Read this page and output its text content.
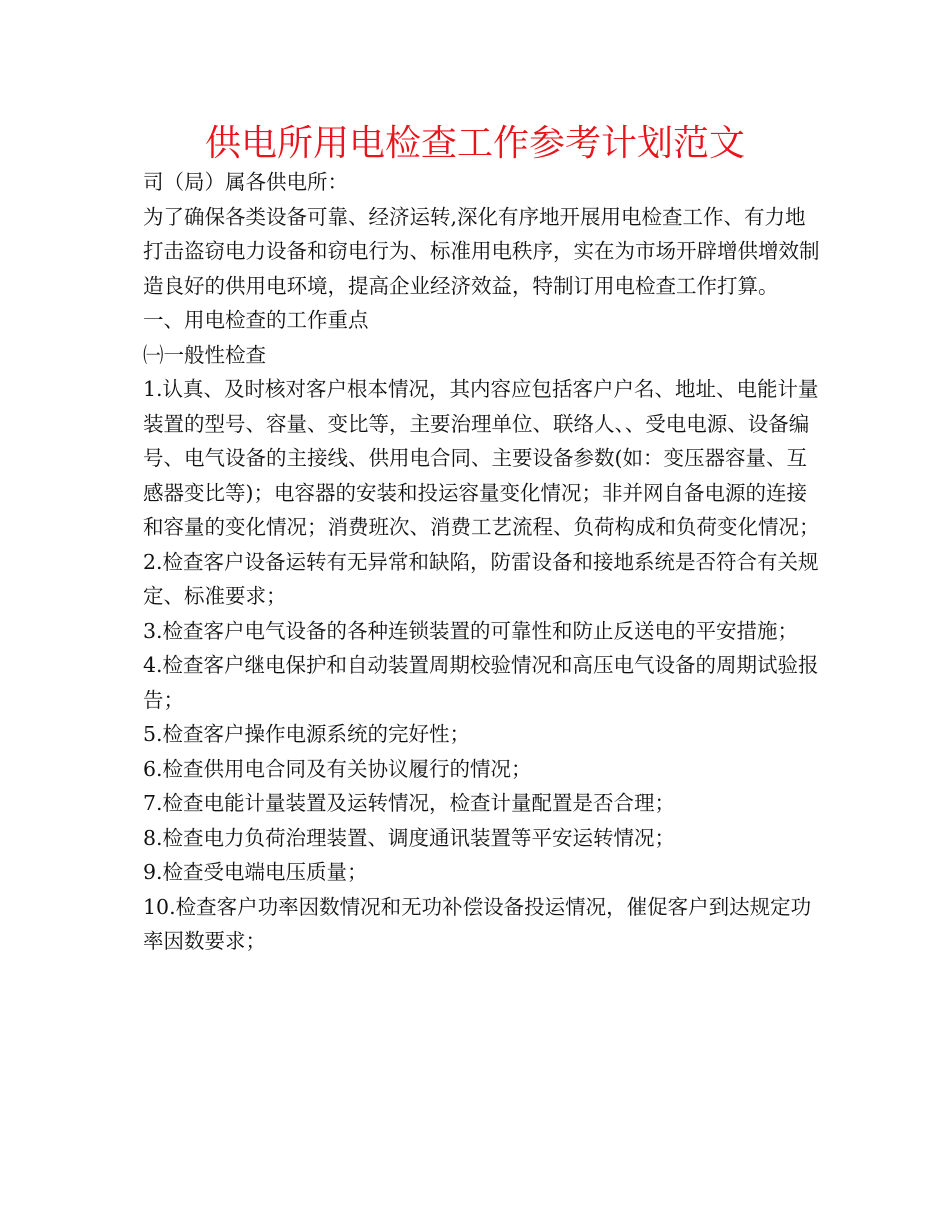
供电所用电检查工作参考计划范文

司（局）属各供电所：

为了确保各类设备可靠、经济运转,深化有序地开展用电检查工作、有力地打击盗窃电力设备和窃电行为、标准用电秩序，实在为市场开辟增供增效制造良好的供用电环境，提高企业经济效益，特制订用电检查工作打算。

一、用电检查的工作重点

㈠一般性检查

1.认真、及时核对客户根本情况，其内容应包括客户户名、地址、电能计量装置的型号、容量、变比等，主要治理单位、联络人、、受电电源、设备编号、电气设备的主接线、供用电合同、主要设备参数(如：变压器容量、互感器变比等)；电容器的安装和投运容量变化情况；非并网自备电源的连接和容量的变化情况；消费班次、消费工艺流程、负荷构成和负荷变化情况；

2.检查客户设备运转有无异常和缺陷，防雷设备和接地系统是否符合有关规定、标准要求；

3.检查客户电气设备的各种连锁装置的可靠性和防止反送电的平安措施；

4.检查客户继电保护和自动装置周期校验情况和高压电气设备的周期试验报告；

5.检查客户操作电源系统的完好性；

6.检查供用电合同及有关协议履行的情况；

7.检查电能计量装置及运转情况，检查计量配置是否合理；

8.检查电力负荷治理装置、调度通讯装置等平安运转情况；

9.检查受电端电压质量；

10.检查客户功率因数情况和无功补偿设备投运情况，催促客户到达规定功率因数要求；
